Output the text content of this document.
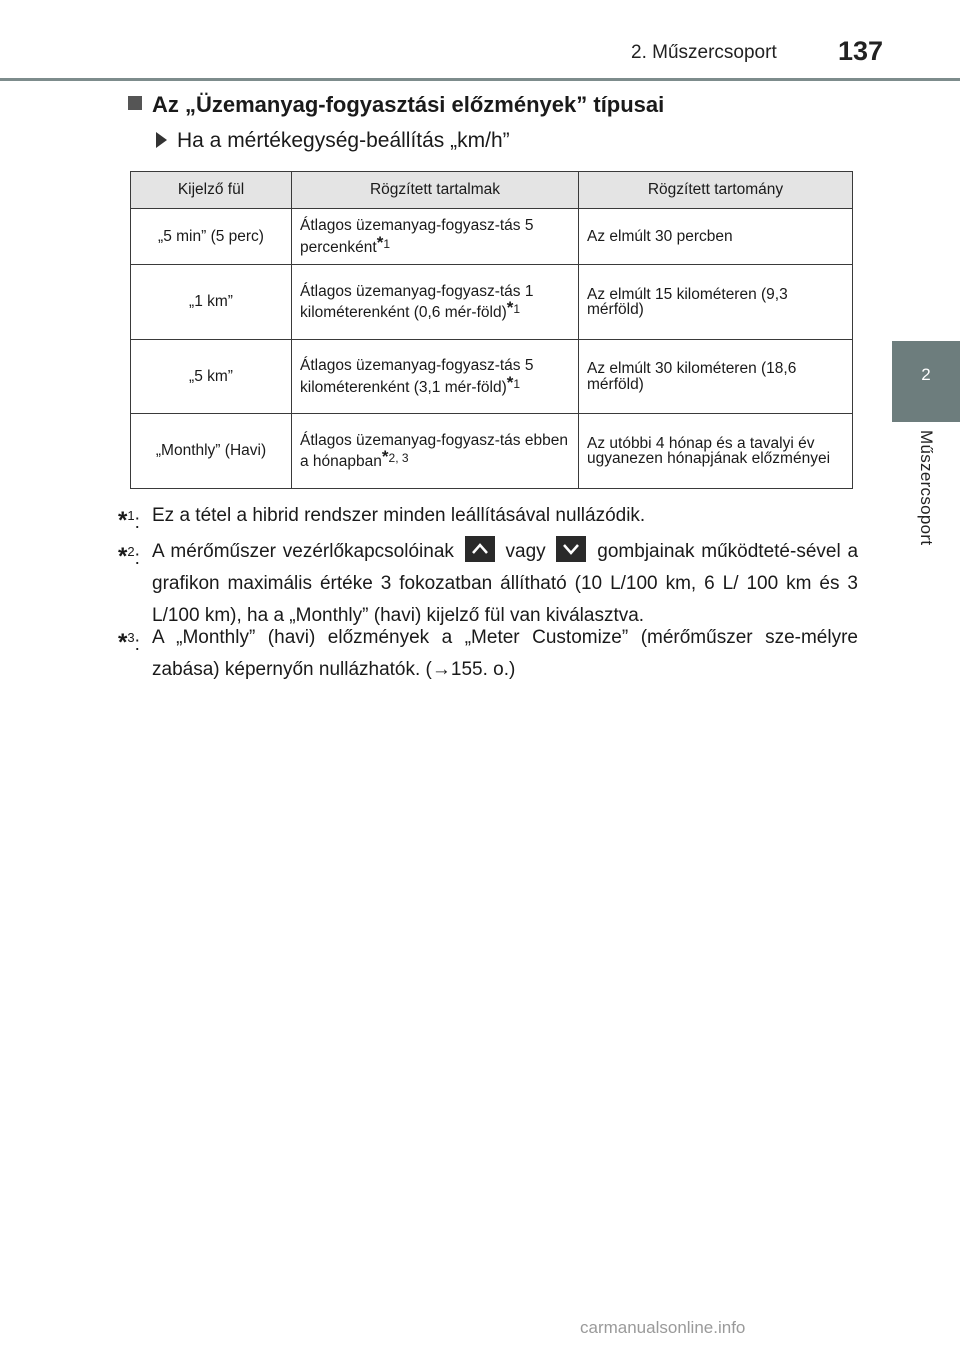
2. Műszercsoport 137
2
Műszercsoport
Az „Üzemanyag-fogyasztási előzmények” típusai
Ha a mértékegység-beállítás „km/h”
Kijelző fül	Rögzített tartalmak	Rögzített tartomány
„5 min” (5 perc)	Átlagos üzemanyag-fogyasz-tás 5 percenként$^{*1}$	Az elmúlt 30 percben
„1 km”	Átlagos üzemanyag-fogyasz-tás 1 kilométerenként (0,6 mér-föld)$^{*1}$	Az elmúlt 15 kilométeren (9,3 mérföld)
„5 km”	Átlagos üzemanyag-fogyasz-tás 5 kilométerenként (3,1 mér-föld)$^{*1}$	Az elmúlt 30 kilométeren (18,6 mérföld)
„Monthly” (Havi)	Átlagos üzemanyag-fogyasz-tás ebben a hónapban$^{*2, 3}$	Az utóbbi 4 hónap és a tavalyi év ugyanezen hónapjának előzményei
*$^1$: Ez a tétel a hibrid rendszer minden leállításával nullázódik.
*$^2$: A mérőműszer vezérlőkapcsolóinak	vagy	gombjainak működteté-sével a grafikon maximális értéke 3 fokozatban állítható (10 L/100 km, 6 L/ 100 km és 3 L/100 km), ha a „Monthly” (havi) kijelző fül van kiválasztva.
*$^3$: A „Monthly” (havi) előzmények a „Meter Customize” (mérőműszer sze-mélyre zabása) képernyőn nullázhatók. (→155. o.)
carmanualsonline.info
